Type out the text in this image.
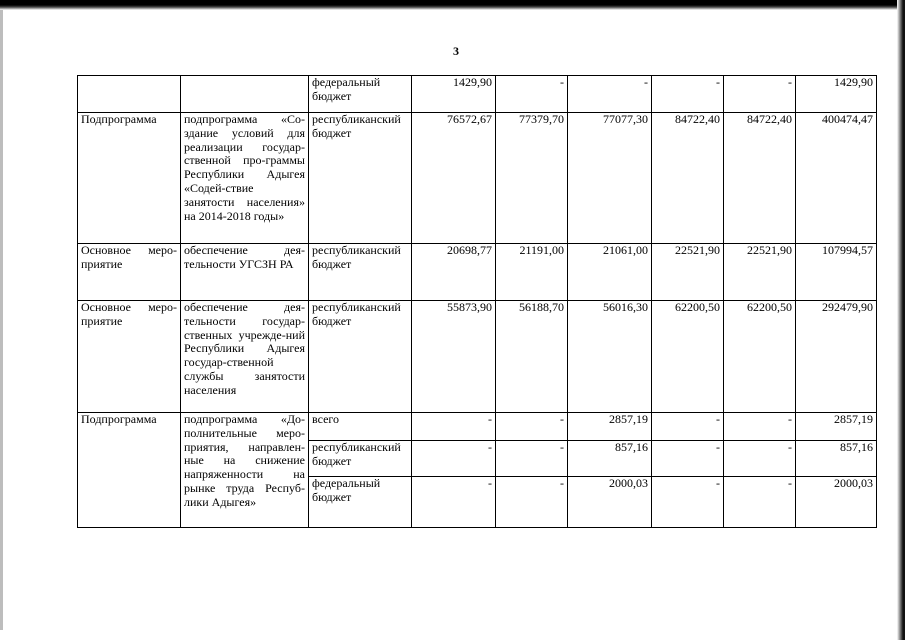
3
		федеральный бюджет	1429,90	-	-	-	-	1429,90
Подпрограмма	подпрограмма «Со-здание условий для реализации государ-ственной про-граммы Республики Адыгея «Содей-ствие занятости населения» на 2014-2018 годы»	республиканский бюджет	76572,67	77379,70	77077,30	84722,40	84722,40	400474,47
Основное меро-приятие	обеспечение дея-тельности УГСЗН РА	республиканский бюджет	20698,77	21191,00	21061,00	22521,90	22521,90	107994,57
Основное меро-приятие	обеспечение дея-тельности государ-ственных учрежде-ний Республики Адыгея государ-ственной службы занятости населения	республиканский бюджет	55873,90	56188,70	56016,30	62200,50	62200,50	292479,90
Подпрограмма	подпрограмма «До-полнительные меро-приятия, направлен-ные на снижение напряженности на рынке труда Респуб-лики Адыгея»	всего	-	-	2857,19	-	-	2857,19
		республиканский бюджет	-	-	857,16	-	-	857,16
		федеральный бюджет	-	-	2000,03	-	-	2000,03
